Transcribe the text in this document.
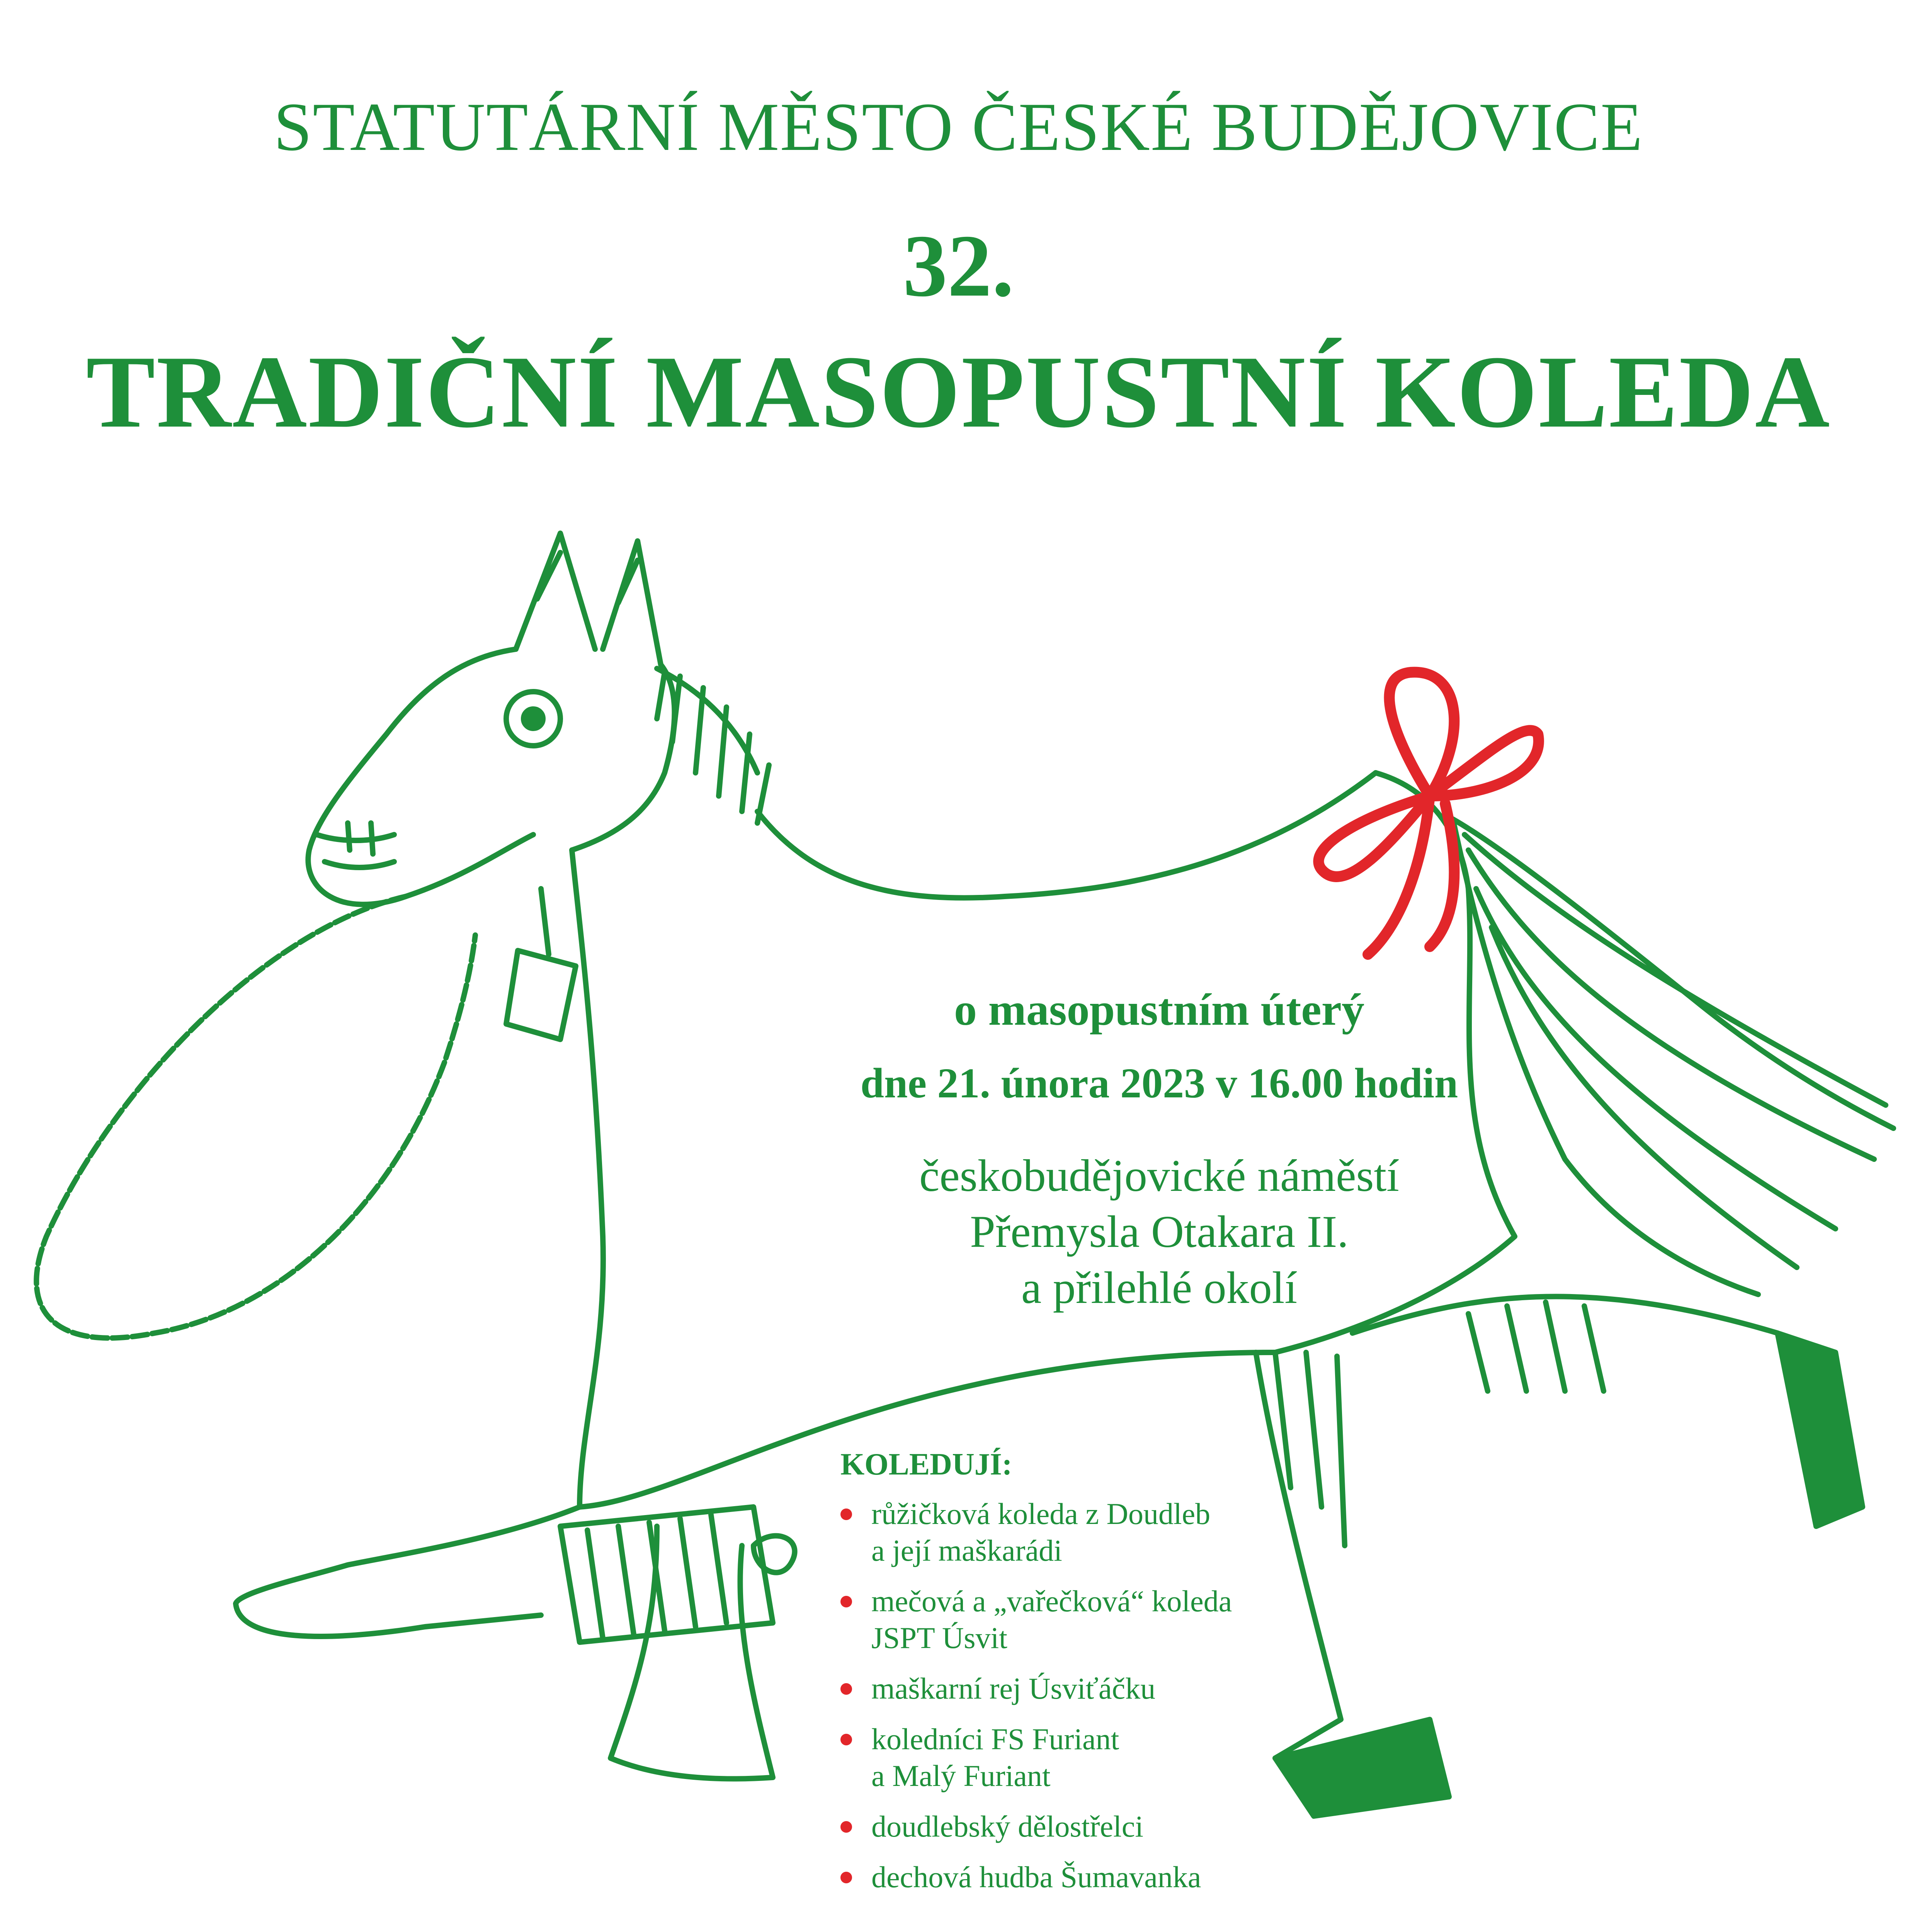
STATUTÁRNÍ MĚSTO ČESKÉ BUDĚJOVICE
32.
TRADIČNÍ MASOPUSTNÍ KOLEDA
o masopustním úterý
dne 21. února 2023 v 16.00 hodin
českobudějovické náměstí
Přemysla Otakara II.
a přilehlé okolí
KOLEDUJÍ:
růžičková koleda z Doudleb
a její maškarádi
mečová a „vařečková“ koleda
JSPT Úsvit
maškarní rej Úsviťáčku
koledníci FS Furiant
a Malý Furiant
doudlebský dělostřelci
dechová hudba Šumavanka
